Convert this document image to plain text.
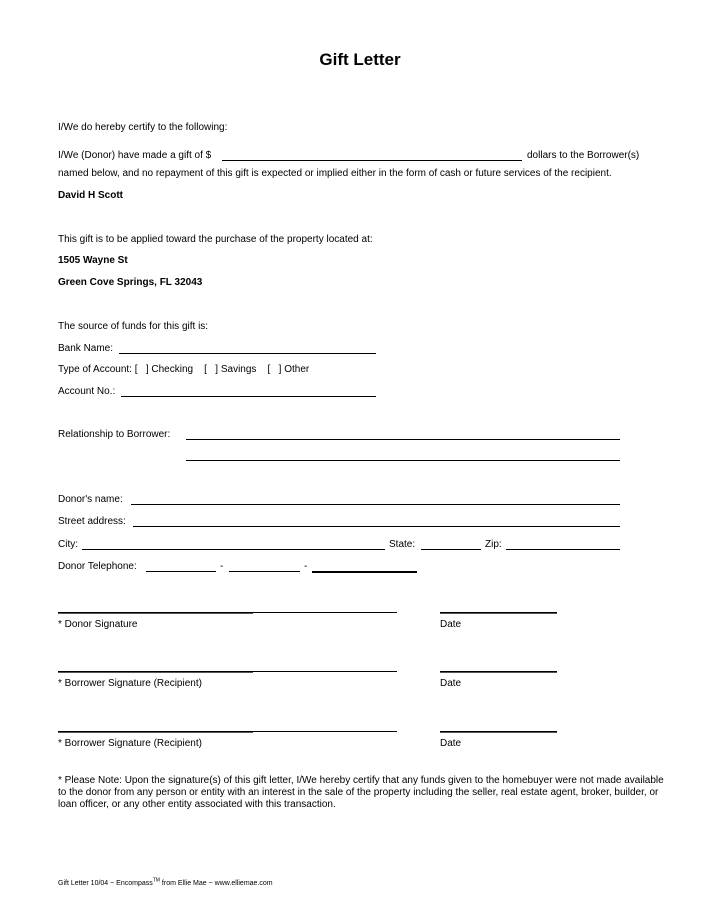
Gift Letter
I/We do hereby certify to the following:
I/We (Donor) have made a gift of $	dollars to the Borrower(s)
named below, and no repayment of this gift is expected or implied either in the form of cash or future services of the recipient.
David H Scott
This gift is to be applied toward the purchase of the property located at:
1505 Wayne St
Green Cove Springs, FL 32043
The source of funds for this gift is:
Bank Name:
Type of Account: [   ] Checking    [   ] Savings    [   ] Other
Account No.:
Relationship to Borrower:
Donor's name:
Street address:
City:	State:	Zip:
Donor Telephone:	-	-
* Donor Signature	Date
* Borrower Signature (Recipient)	Date
* Borrower Signature (Recipient)	Date
* Please Note: Upon the signature(s) of this gift letter, I/We hereby certify that any funds given to the homebuyer were not made available to the donor from any person or entity with an interest in the sale of the property including the seller, real estate agent, broker, builder, or loan officer, or any other entity associated with this transaction.
Gift Letter 10/04 ~ Encompass™ from Ellie Mae ~ www.elliemae.com
